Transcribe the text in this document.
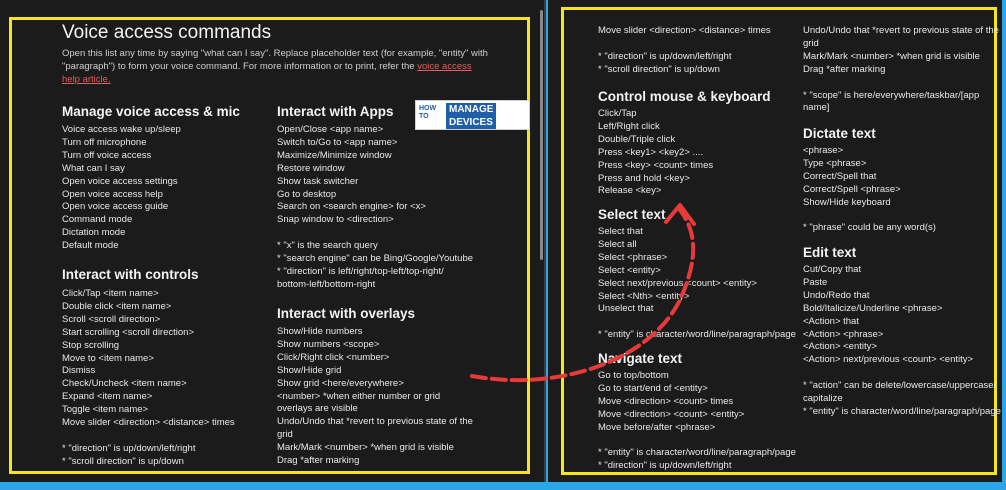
Voice access commands
Open this list any time by saying "what can I say". Replace placeholder text (for example, "entity" with "paragraph") to form your voice command. For more information or to print, refer the voice access help article.
HOW TO
MANAGE
DEVICES
Manage voice access & mic
Voice access wake up/sleep
Turn off microphone
Turn off voice access
What can I say
Open voice access settings
Open voice access help
Open voice access guide
Command mode
Dictation mode
Default mode
Interact with controls
Click/Tap <item name>
Double click <item name>
Scroll <scroll direction>
Start scrolling <scroll direction>
Stop scrolling
Move to <item name>
Dismiss
Check/Uncheck <item name>
Expand <item name>
Toggle <item name>
Move slider <direction> <distance> times

* "direction" is up/down/left/right
* "scroll direction" is up/down
Interact with Apps
Open/Close <app name>
Switch to/Go to <app name>
Maximize/Minimize window
Restore window
Show task switcher
Go to desktop
Search on <search engine> for <x>
Snap window to <direction>

* "x" is the search query
* "search engine" can be Bing/Google/Youtube
* "direction" is left/right/top-left/top-right/
bottom-left/bottom-right
Interact with overlays
Show/Hide numbers
Show numbers <scope>
Click/Right click <number>
Show/Hide grid
Show grid <here/everywhere>
<number> *when either number or grid
overlays are visible
Undo/Undo that *revert to previous state of the
grid
Mark/Mark <number> *when grid is visible
Drag *after marking
Move slider <direction> <distance> times

* "direction" is up/down/left/right
* "scroll direction" is up/down
Control mouse & keyboard
Click/Tap
Left/Right click
Double/Triple click
Press <key1> <key2> ....
Press <key> <count> times
Press and hold <key>
Release <key>
Select text
Select that
Select all
Select <phrase>
Select <entity>
Select next/previous <count> <entity>
Select <Nth> <entity>
Unselect that

* "entity" is character/word/line/paragraph/page
Navigate text
Go to top/bottom
Go to start/end of <entity>
Move <direction> <count> times
Move <direction> <count> <entity>
Move before/after <phrase>

* "entity" is character/word/line/paragraph/page
* "direction" is up/down/left/right
Undo/Undo that *revert to previous state of the
grid
Mark/Mark <number> *when grid is visible
Drag *after marking

* "scope" is here/everywhere/taskbar/[app
name]
Dictate text
<phrase>
Type <phrase>
Correct/Spell that
Correct/Spell <phrase>
Show/Hide keyboard

* "phrase" could be any word(s)
Edit text
Cut/Copy that
Paste
Undo/Redo that
Bold/Italicize/Underline <phrase>
<Action> that
<Action> <phrase>
<Action> <entity>
<Action> next/previous <count> <entity>

* "action" can be delete/lowercase/uppercase/
capitalize
* "entity" is character/word/line/paragraph/page
